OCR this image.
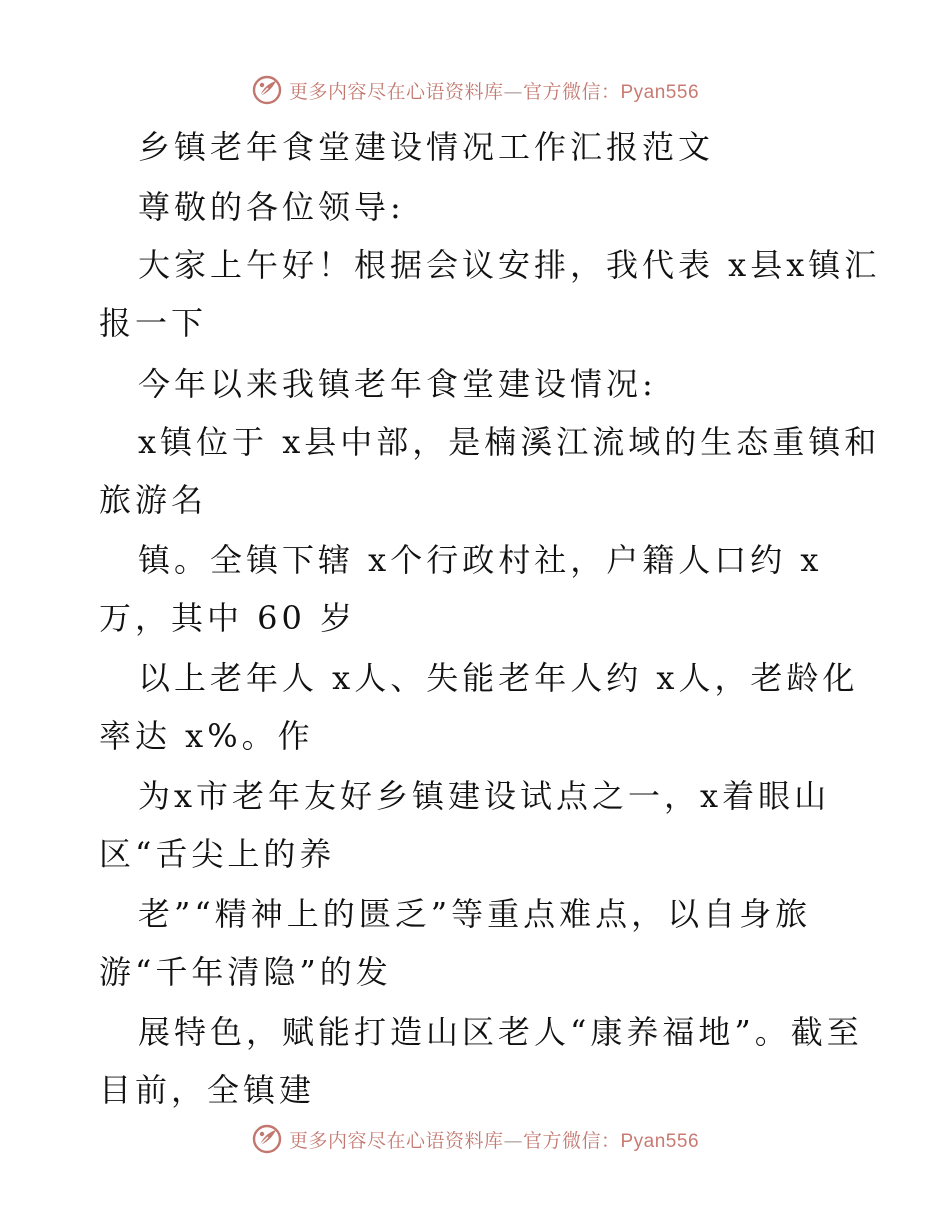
更多内容尽在心语资料库—官方微信：Pyan556
乡镇老年食堂建设情况工作汇报范文
尊敬的各位领导:
大家上午好！根据会议安排，我代表 x县x镇汇
报一下
今年以来我镇老年食堂建设情况:
x镇位于 x县中部，是楠溪江流域的生态重镇和
旅游名
镇。全镇下辖 x个行政村社，户籍人口约 x
万，其中 60 岁
以上老年人 x人、失能老年人约 x人，老龄化
率达 x%。作
为x市老年友好乡镇建设试点之一，x着眼山
区“舌尖上的养
老”“精神上的匮乏”等重点难点，以自身旅
游“千年清隐”的发
展特色，赋能打造山区老人“康养福地”。截至
目前，全镇建
更多内容尽在心语资料库—官方微信：Pyan556
